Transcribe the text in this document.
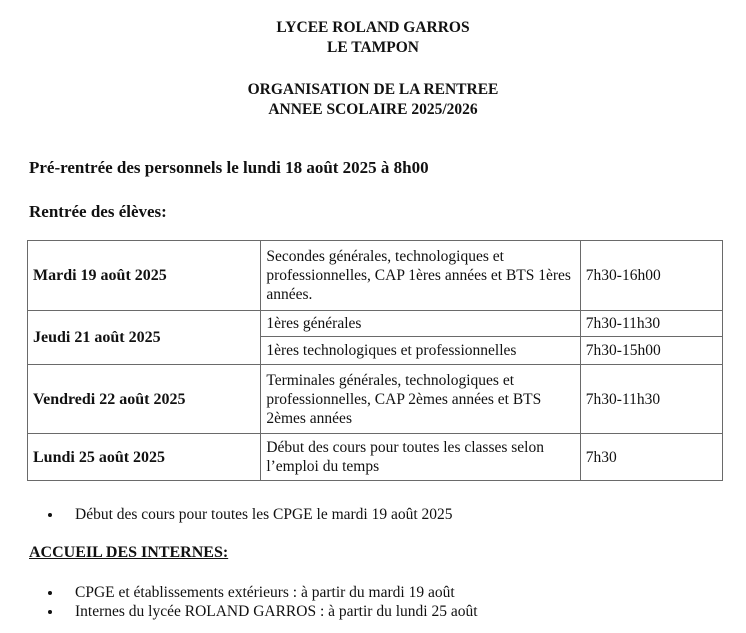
LYCEE ROLAND GARROS
LE TAMPON
ORGANISATION DE LA RENTREE
ANNEE SCOLAIRE 2025/2026
Pré-rentrée des personnels le lundi 18 août 2025 à 8h00
Rentrée des élèves:
Mardi 19 août 2025	Secondes générales, technologiques et professionnelles, CAP 1ères années et BTS 1ères années.	7h30-16h00
Jeudi 21 août 2025	1ères générales	7h30-11h30
	1ères technologiques et professionnelles	7h30-15h00
Vendredi 22 août 2025	Terminales générales, technologiques et professionnelles, CAP 2èmes années et BTS 2èmes années	7h30-11h30
Lundi 25 août 2025	Début des cours pour toutes les classes selon l’emploi du temps	7h30
Début des cours pour toutes les CPGE le mardi 19 août 2025
ACCUEIL DES INTERNES:
CPGE et établissements extérieurs : à partir du mardi 19 août
Internes du lycée ROLAND GARROS : à partir du lundi 25 août
